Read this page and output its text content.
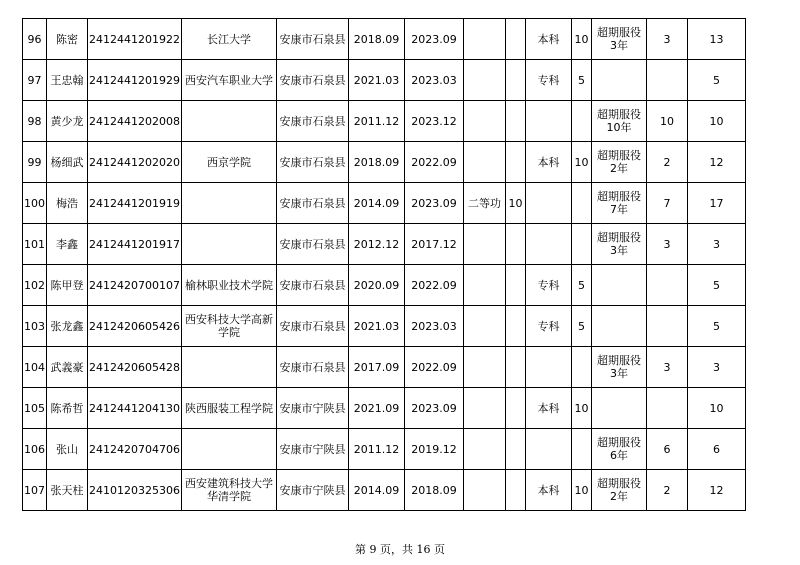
96	陈密	2412441201922	长江大学	安康市石泉县	2018.09	2023.09			本科	10	超期服役3年	3	13
97	王忠翰	2412441201929	西安汽车职业大学	安康市石泉县	2021.03	2023.03			专科	5			5
98	黄少龙	2412441202008		安康市石泉县	2011.12	2023.12					超期服役10年	10	10
99	杨细武	2412441202020	西京学院	安康市石泉县	2018.09	2022.09			本科	10	超期服役2年	2	12
100	梅浩	2412441201919		安康市石泉县	2014.09	2023.09	二等功	10			超期服役7年	7	17
101	李鑫	2412441201917		安康市石泉县	2012.12	2017.12					超期服役3年	3	3
102	陈甲登	2412420700107	榆林职业技术学院	安康市石泉县	2020.09	2022.09			专科	5			5
103	张龙鑫	2412420605426	西安科技大学高新学院	安康市石泉县	2021.03	2023.03			专科	5			5
104	武義豪	2412420605428		安康市石泉县	2017.09	2022.09					超期服役3年	3	3
105	陈希哲	2412441204130	陕西服装工程学院	安康市宁陕县	2021.09	2023.09			本科	10			10
106	张山	2412420704706		安康市宁陕县	2011.12	2019.12					超期服役6年	6	6
107	张天柱	2410120325306	西安建筑科技大学华清学院	安康市宁陕县	2014.09	2018.09			本科	10	超期服役2年	2	12
第 9 页，共 16 页
